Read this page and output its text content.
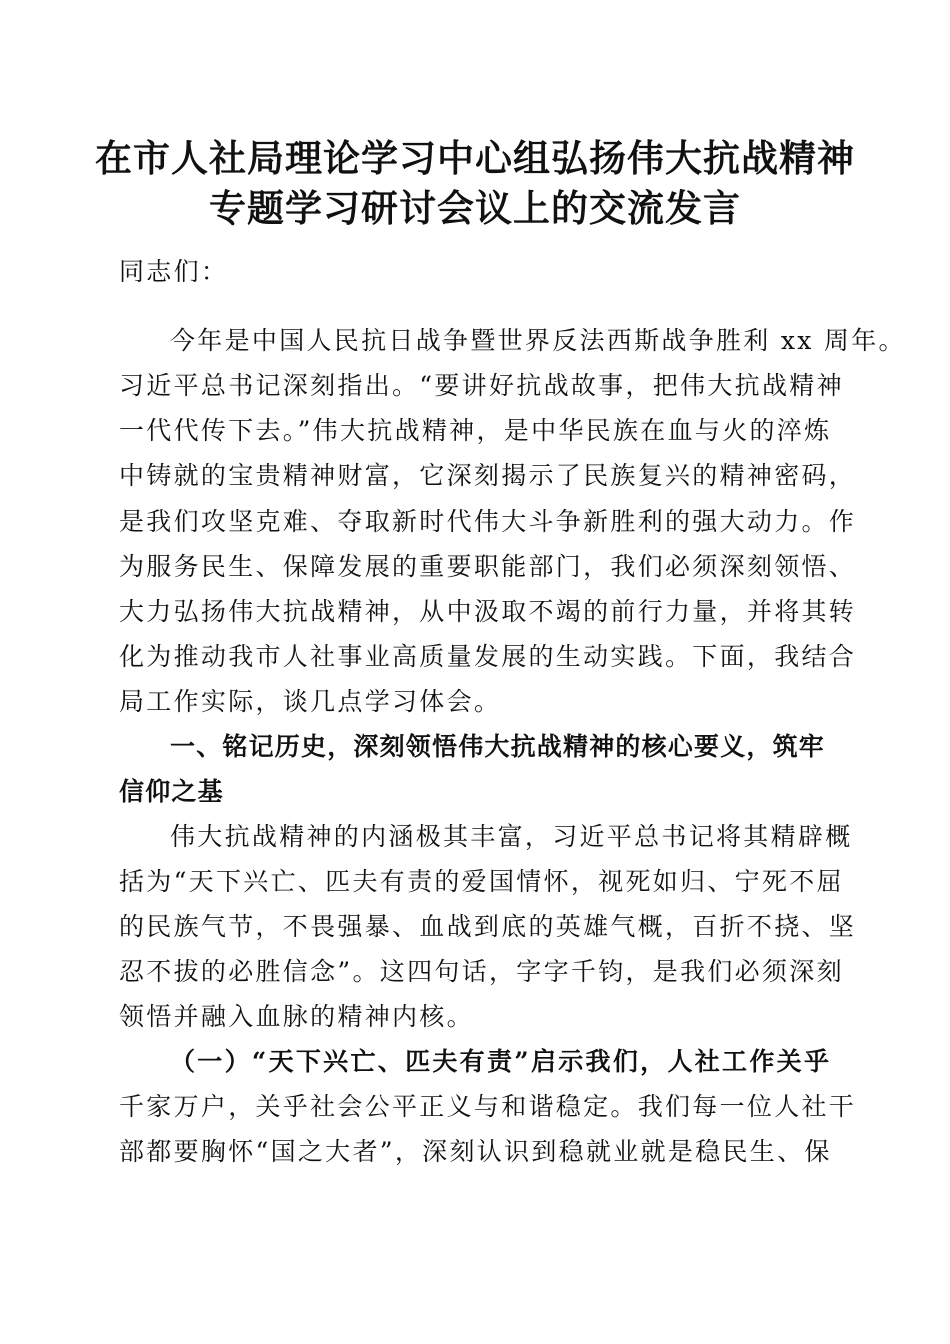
在市人社局理论学习中心组弘扬伟大抗战精神
专题学习研讨会议上的交流发言
同志们：
今年是中国人民抗日战争暨世界反法西斯战争胜利 xx 周年。
习近平总书记深刻指出。“要讲好抗战故事，把伟大抗战精神
一代代传下去。”伟大抗战精神，是中华民族在血与火的淬炼
中铸就的宝贵精神财富，它深刻揭示了民族复兴的精神密码，
是我们攻坚克难、夺取新时代伟大斗争新胜利的强大动力。作
为服务民生、保障发展的重要职能部门，我们必须深刻领悟、
大力弘扬伟大抗战精神，从中汲取不竭的前行力量，并将其转
化为推动我市人社事业高质量发展的生动实践。下面，我结合
局工作实际，谈几点学习体会。
一、铭记历史，深刻领悟伟大抗战精神的核心要义，筑牢
信仰之基
伟大抗战精神的内涵极其丰富，习近平总书记将其精辟概
括为“天下兴亡、匹夫有责的爱国情怀，视死如归、宁死不屈
的民族气节，不畏强暴、血战到底的英雄气概，百折不挠、坚
忍不拔的必胜信念”。这四句话，字字千钧，是我们必须深刻
领悟并融入血脉的精神内核。
（一）“天下兴亡、匹夫有责”启示我们，人社工作关乎
千家万户，关乎社会公平正义与和谐稳定。我们每一位人社干
部都要胸怀“国之大者”，深刻认识到稳就业就是稳民生、保
